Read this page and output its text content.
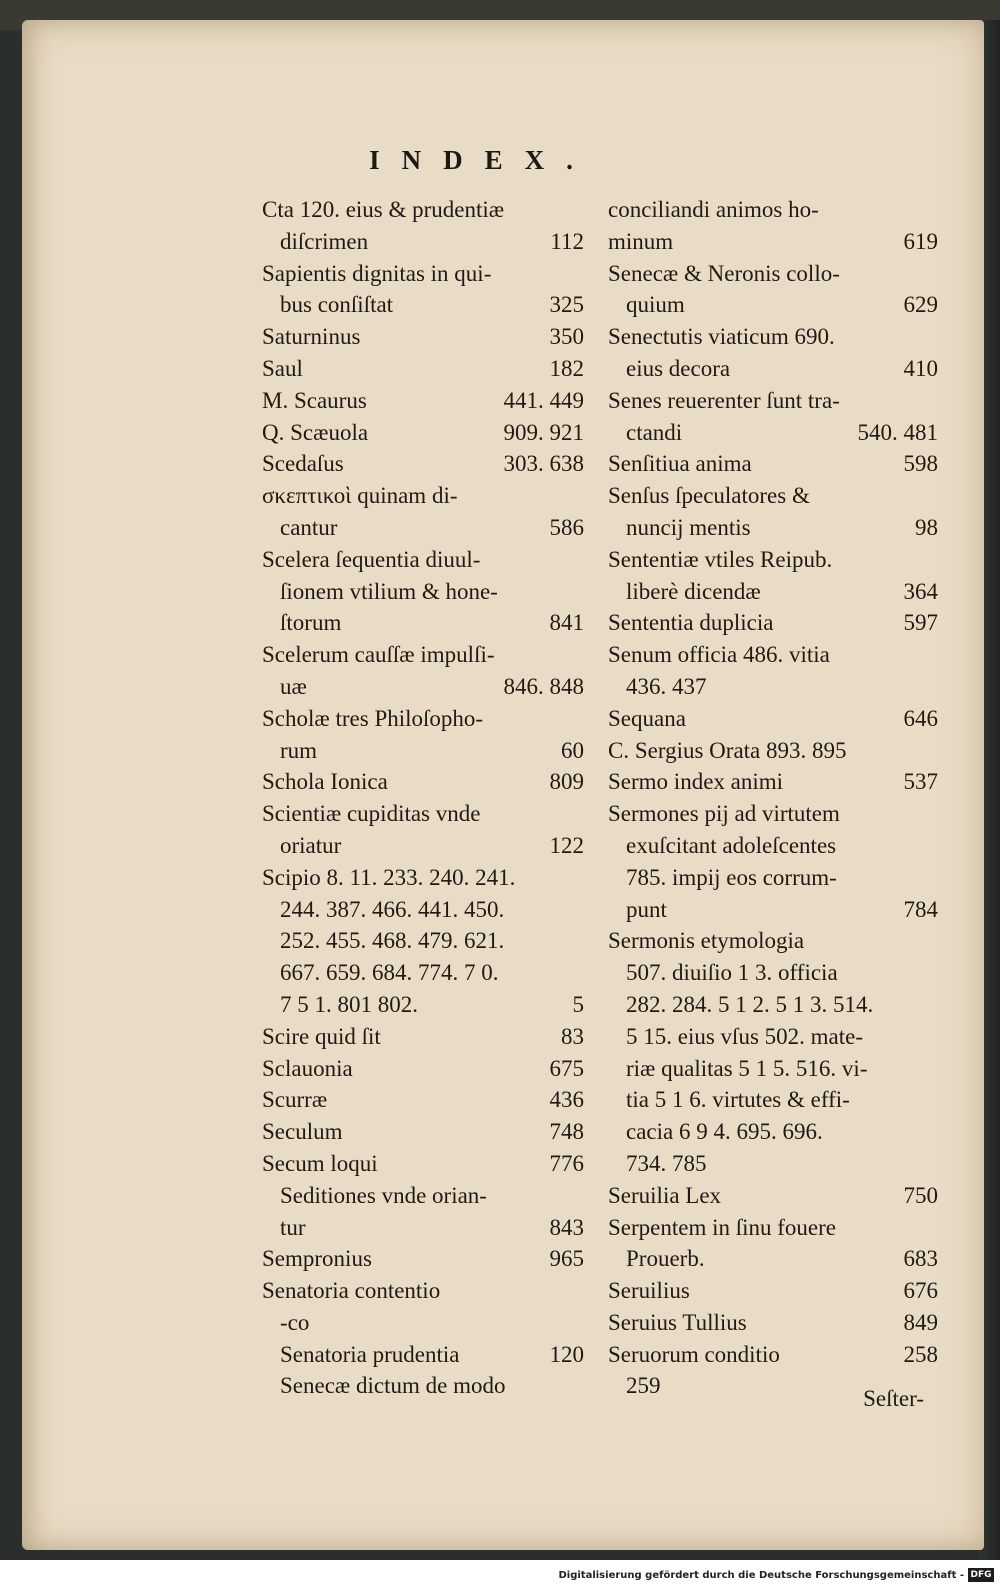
INDEX.
Сta 120. eius & prudentiæ
diſcrimen	112
Sapientis dignitas in qui-
bus conſiſtat	325
Saturninus	350
Saul	182
M. Scaurus	441. 449
Q. Scæuola	909. 921
Scedaſus	303. 638
σκεπτικοὶ quinam di-
cantur	586
Scelera ſequentia diuul-
ſionem vtilium & hone-
ſtorum	841
Scelerum cauſſæ impulſi-
uæ	846. 848
Scholæ tres Philoſopho-
rum	60
Schola Ionica	809
Scientiæ cupiditas vnde
oriatur	122
Scipio 8. 11. 233. 240. 241.
244. 387. 466. 441. 450.
252. 455. 468. 479. 621.
667. 659. 684. 774. 7 0.
7 5 1. 801 802.	5
Scire quid ſit	83
Sclauonia	675
Scurræ	436
Seculum	748
Secum loqui	776
Seditiones vnde orian-
tur	843
Sempronius	965
Senatoria contentio
-co
Senatoria prudentia	120
Senecæ dictum de modo
conciliandi animos ho-
minum	619
Senecæ & Neronis collo-
quium	629
Senectutis viaticum 690.
eius decora	410
Senes reuerenter ſunt tra-
ctandi	540. 481
Senſitiua anima	598
Senſus ſpeculatores &
nuncij mentis	98
Sententiæ vtiles Reipub.
liberè dicendæ	364
Sententia duplicia	597
Senum officia 486. vitia
436. 437
Sequana	646
C. Sergius Orata 893. 895
Sermo index animi	537
Sermones pij ad virtutem
exuſcitant adoleſcentes
785. impij eos corrum-
punt	784
Sermonis etymologia
507. diuiſio 1 3. officia
282. 284. 5 1 2. 5 1 3. 514.
5 15. eius vſus 502. mate-
riæ qualitas 5 1 5. 516. vi-
tia 5 1 6. virtutes & effi-
cacia 6 9 4. 695. 696.
734. 785
Seruilia Lex	750
Serpentem in ſinu fouere
Prouerb.	683
Seruilius	676
Seruius Tullius	849
Seruorum conditio	258
259
Seſter-
Digitalisierung gefördert durch die Deutsche Forschungsgemeinschaft - DFG
